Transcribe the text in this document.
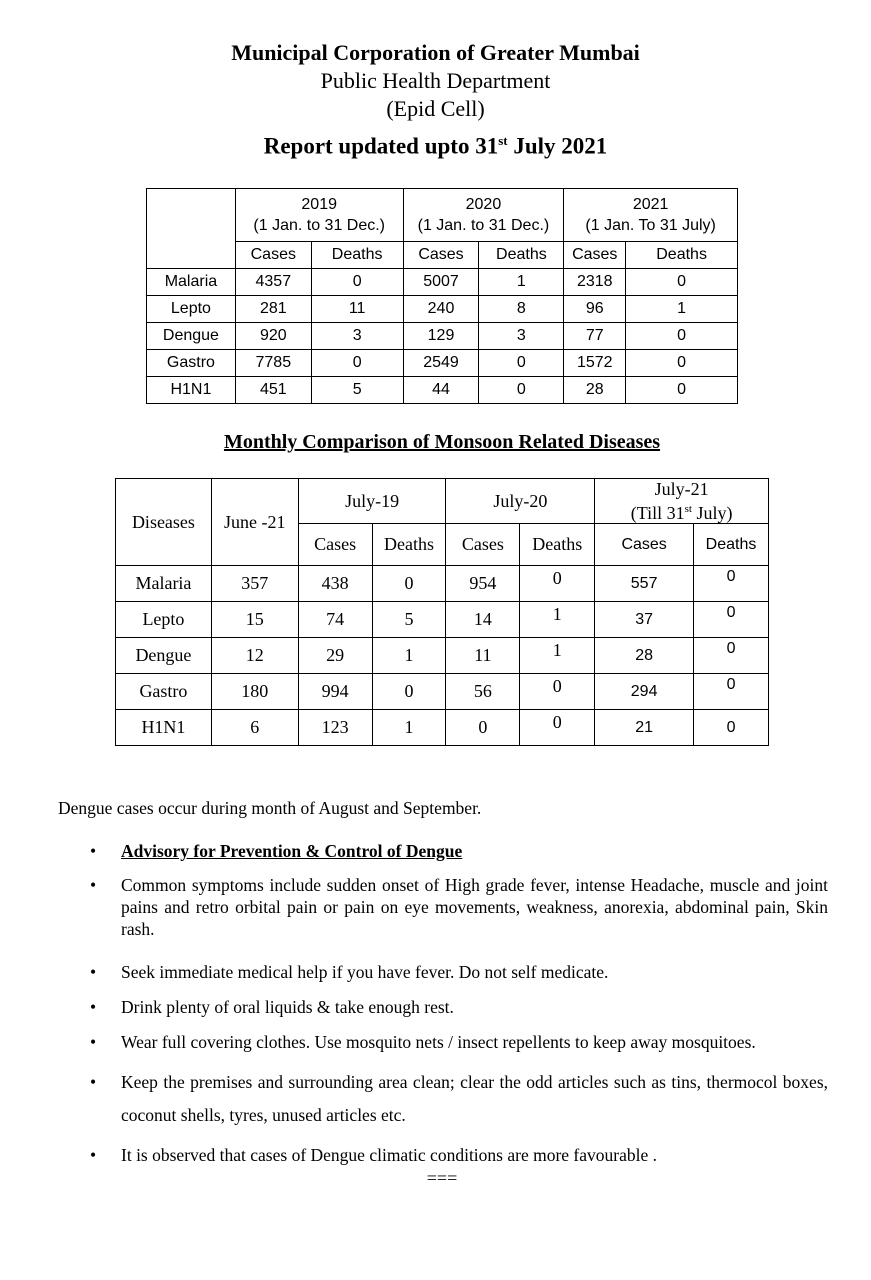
Municipal Corporation of Greater Mumbai
Public Health Department
(Epid Cell)
Report updated upto 31st July 2021
	2019
(1 Jan. to 31 Dec.)		2020
(1 Jan. to 31 Dec.)		2021
(1 Jan. To 31 July)	
	Cases	Deaths	Cases	Deaths	Cases	Deaths
Malaria	4357	0	5007	1	2318	0
Lepto	281	11	240	8	96	1
Dengue	920	3	129	3	77	0
Gastro	7785	0	2549	0	1572	0
H1N1	451	5	44	0	28	0
Monthly Comparison of Monsoon Related Diseases
Diseases	June -21	July-19		July-20		July-21
(Till 31st July)	
		Cases	Deaths	Cases	Deaths	Cases	Deaths
Malaria	357	438	0	954	0	557	0
Lepto	15	74	5	14	1	37	0
Dengue	12	29	1	11	1	28	0
Gastro	180	994	0	56	0	294	0
H1N1	6	123	1	0	0	21	0
Dengue cases occur during month of August and September.
• Advisory for Prevention & Control of Dengue
• Common symptoms include sudden onset of High grade fever, intense Headache, muscle and joint pains and retro orbital pain or pain on eye movements, weakness, anorexia, abdominal pain, Skin rash.
• Seek immediate medical help if you have fever. Do not self medicate.
• Drink plenty of oral liquids & take enough rest.
• Wear full covering clothes. Use mosquito nets / insect repellents to keep away mosquitoes.
• Keep the premises and surrounding area clean; clear the odd articles such as tins, thermocol boxes, coconut shells, tyres, unused articles etc.
• It is observed that cases of Dengue climatic conditions are more favourable .
===
